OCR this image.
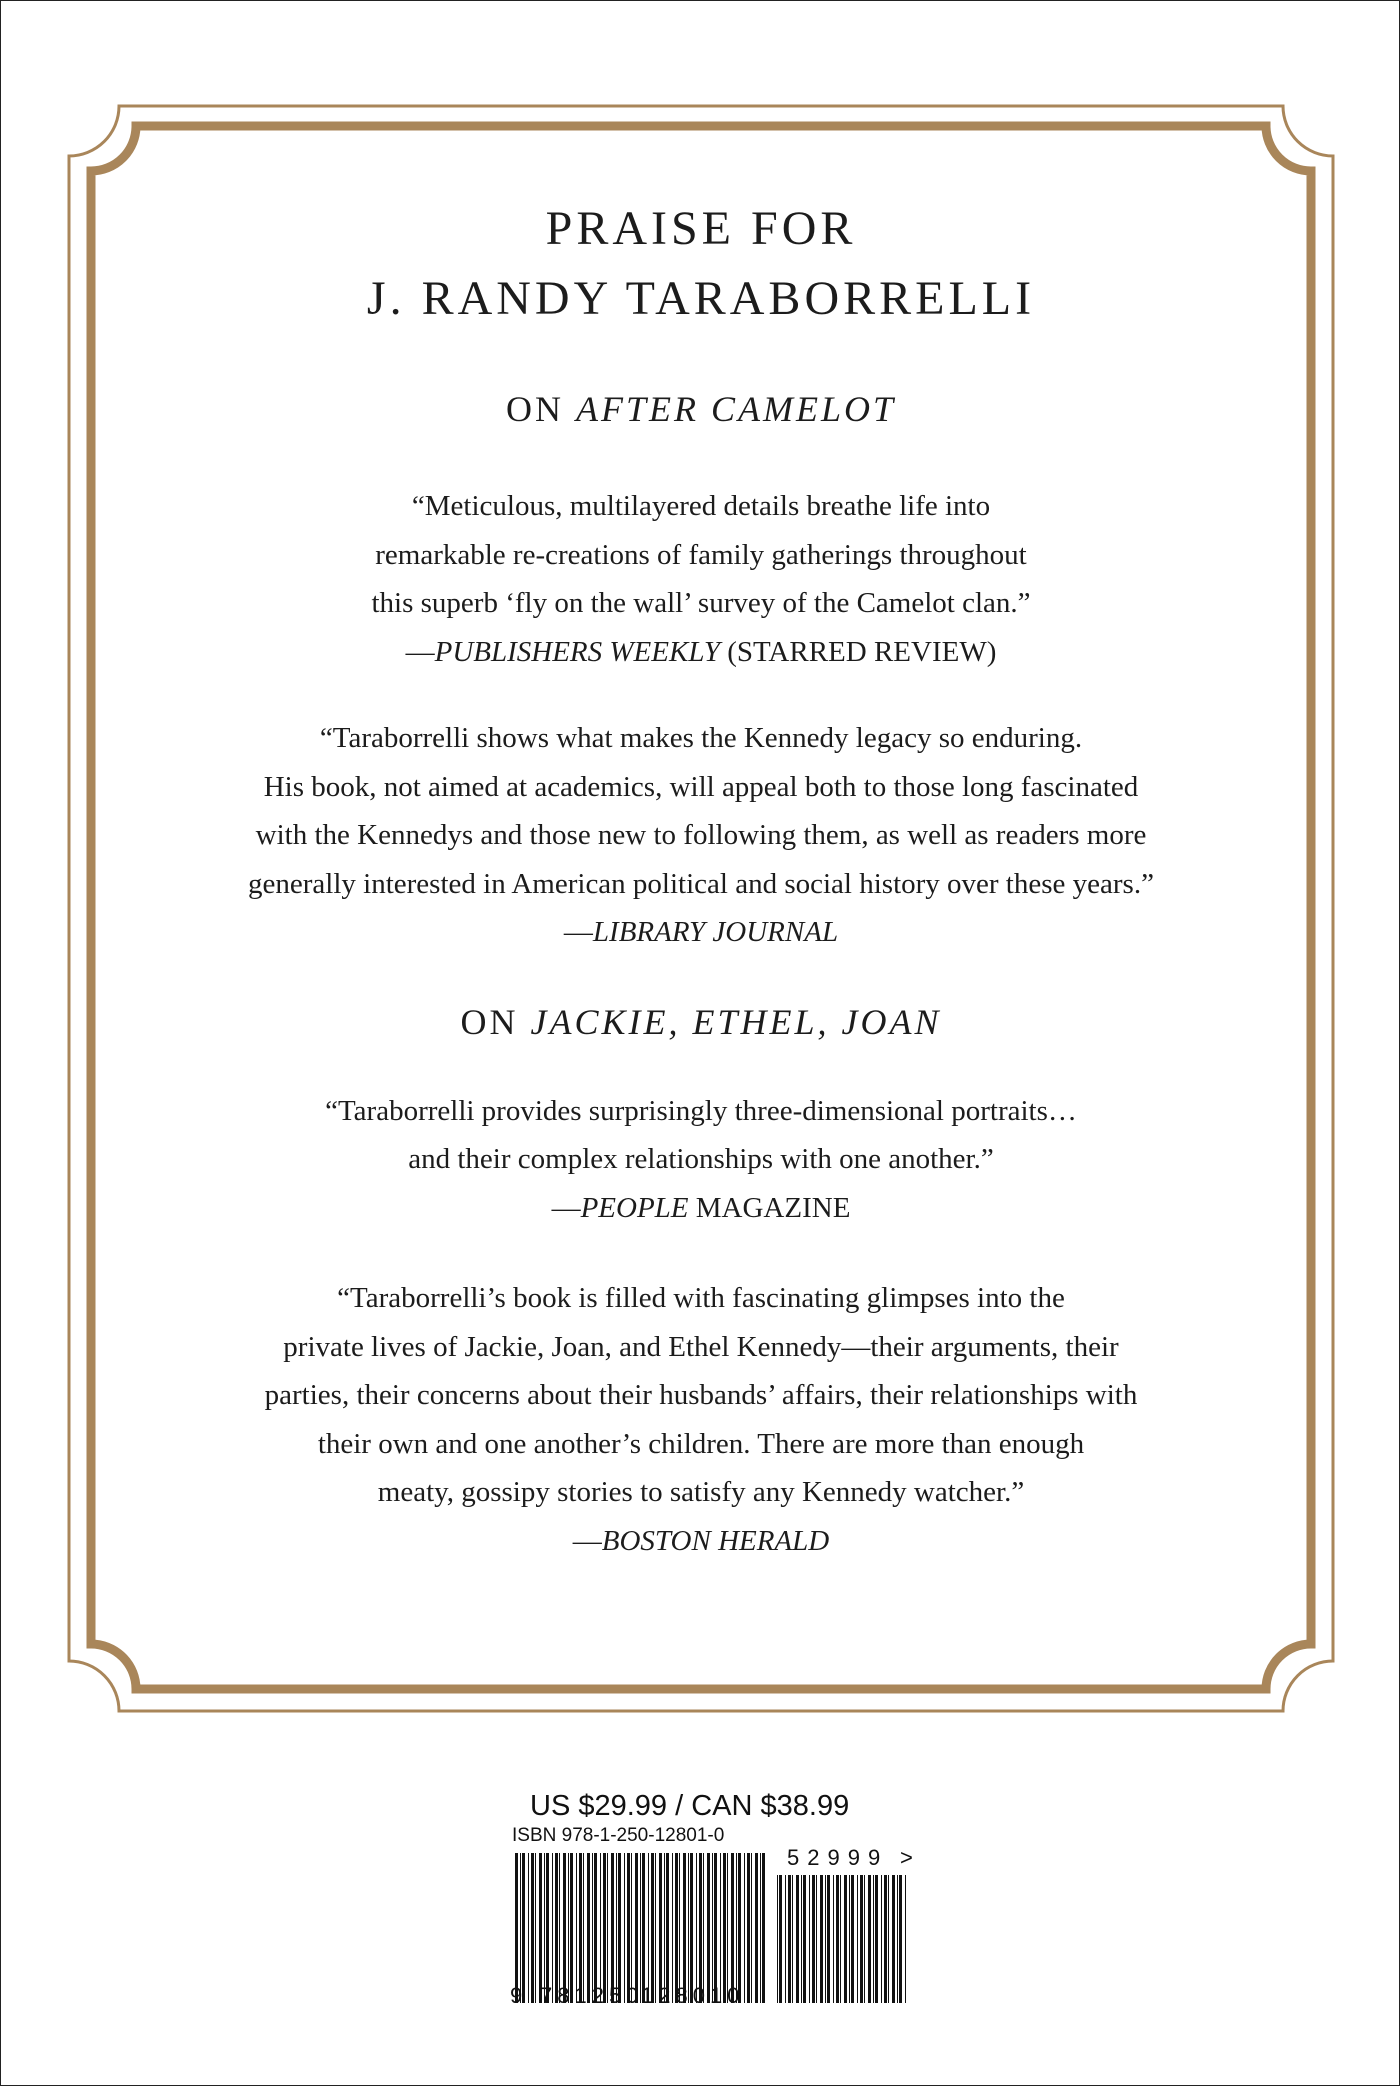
PRAISE FOR
J. RANDY TARABORRELLI
ON AFTER CAMELOT

“Meticulous, multilayered details breathe life into
remarkable re-creations of family gatherings throughout
this superb ‘fly on the wall’ survey of the Camelot clan.”

—PUBLISHERS WEEKLY (STARRED REVIEW)

“Taraborrelli shows what makes the Kennedy legacy so enduring.
His book, not aimed at academics, will appeal both to those long fascinated
with the Kennedys and those new to following them, as well as readers more
generally interested in American political and social history over these years.”

—LIBRARY JOURNAL

ON JACKIE, ETHEL, JOAN

“Taraborrelli provides surprisingly three-dimensional portraits…
and their complex relationships with one another.”

—PEOPLE MAGAZINE

“Taraborrelli’s book is filled with fascinating glimpses into the
private lives of Jackie, Joan, and Ethel Kennedy—their arguments, their
parties, their concerns about their husbands’ affairs, their relationships with
their own and one another’s children. There are more than enough
meaty, gossipy stories to satisfy any Kennedy watcher.”

—BOSTON HERALD

US $29.99 / CAN $38.99
ISBN 978-1-250-12801-0
9 781250
128010
52999 >
